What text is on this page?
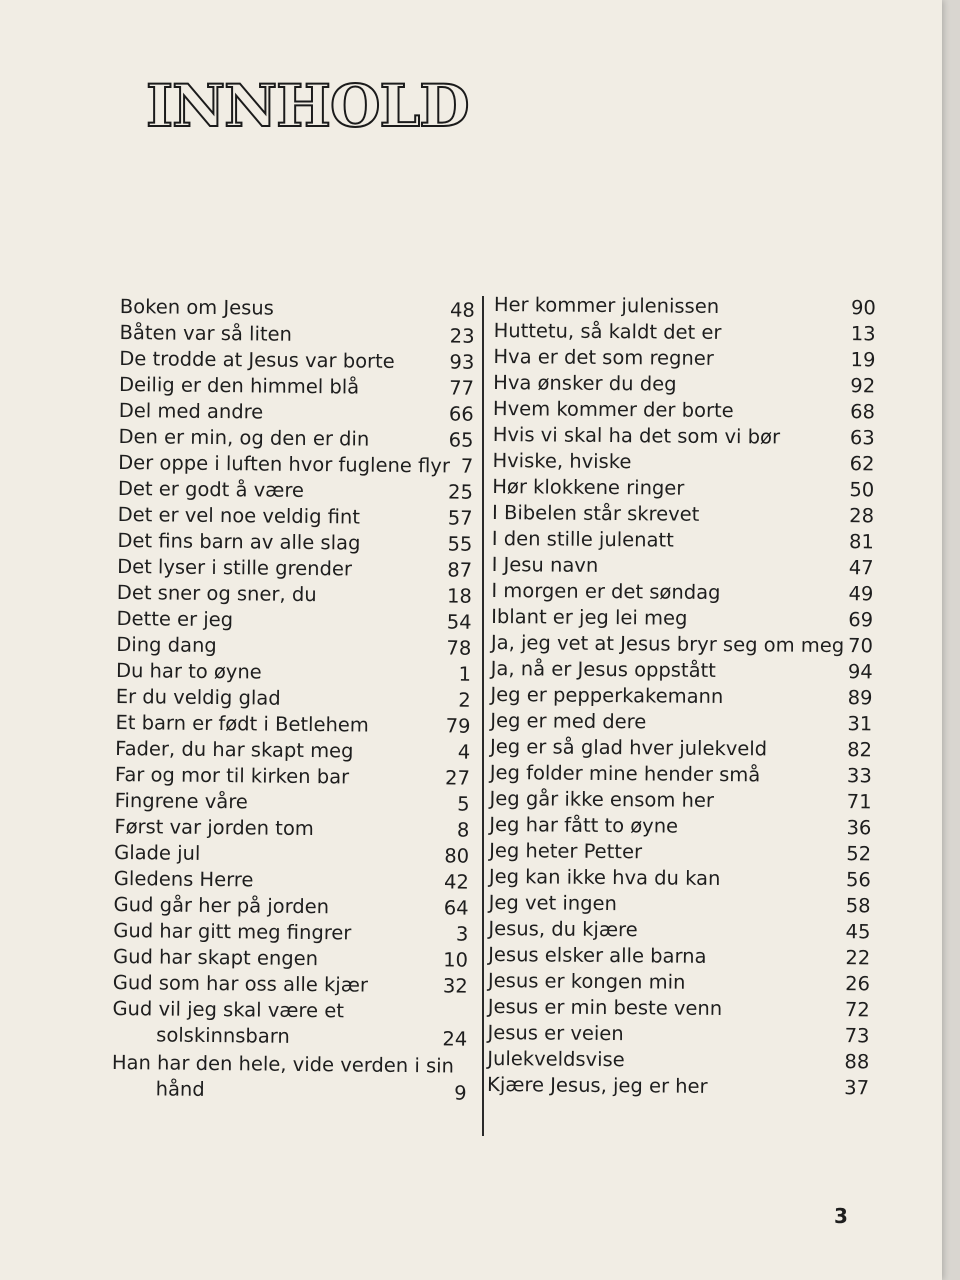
INNHOLD
Boken om Jesus	48
Båten var så liten	23
De trodde at Jesus var borte	93
Deilig er den himmel blå	77
Del med andre	66
Den er min, og den er din	65
Der oppe i luften hvor fuglene flyr 7
Det er godt å være	25
Det er vel noe veldig fint	57
Det fins barn av alle slag	55
Det lyser i stille grender	87
Det sner og sner, du	18
Dette er jeg	54
Ding dang	78
Du har to øyne	1
Er du veldig glad	2
Et barn er født i Betlehem	79
Fader, du har skapt meg	4
Far og mor til kirken bar	27
Fingrene våre	5
Først var jorden tom	8
Glade jul	80
Gledens Herre	42
Gud går her på jorden	64
Gud har gitt meg fingrer	3
Gud har skapt engen	10
Gud som har oss alle kjær	32
Gud vil jeg skal være et
solskinnsbarn	24
Han har den hele, vide verden i sin
hånd	9
Her kommer julenissen	90
Huttetu, så kaldt det er	13
Hva er det som regner	19
Hva ønsker du deg	92
Hvem kommer der borte	68
Hvis vi skal ha det som vi bør	63
Hviske, hviske	62
Hør klokkene ringer	50
I Bibelen står skrevet	28
I den stille julenatt	81
I Jesu navn	47
I morgen er det søndag	49
Iblant er jeg lei meg	69
Ja, jeg vet at Jesus bryr seg om meg 70
Ja, nå er Jesus oppstått	94
Jeg er pepperkakemann	89
Jeg er med dere	31
Jeg er så glad hver julekveld	82
Jeg folder mine hender små	33
Jeg går ikke ensom her	71
Jeg har fått to øyne	36
Jeg heter Petter	52
Jeg kan ikke hva du kan	56
Jeg vet ingen	58
Jesus, du kjære	45
Jesus elsker alle barna	22
Jesus er kongen min	26
Jesus er min beste venn	72
Jesus er veien	73
Julekveldsvise	88
Kjære Jesus, jeg er her	37
3
